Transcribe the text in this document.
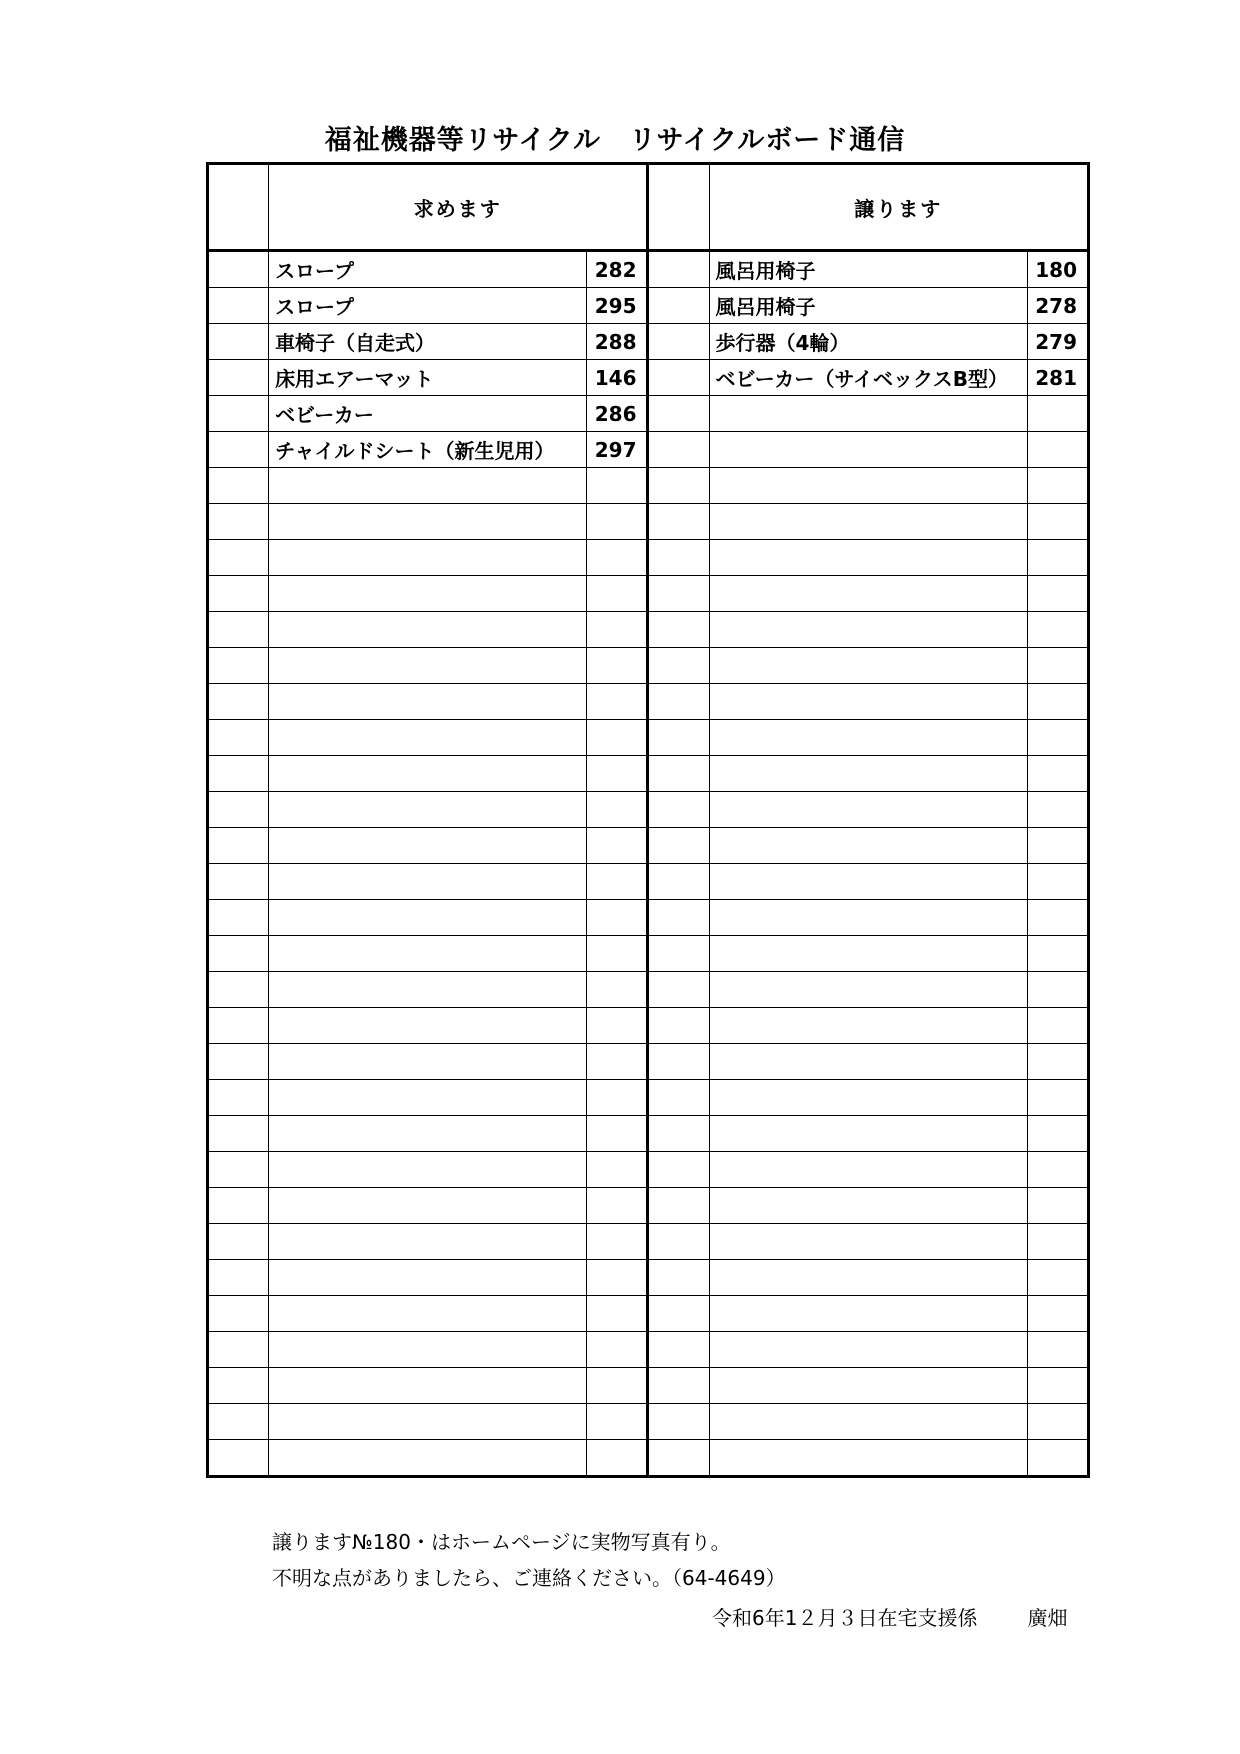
福祉機器等リサイクル　リサイクルボード通信
	求めます			譲ります	
	スロープ	282		風呂用椅子	180
	スロープ	295		風呂用椅子	278
	車椅子（自走式）	288		歩行器（4輪）	279
	床用エアーマット	146		ベビーカー（サイベックスB型）	281
	ベビーカー	286			
	チャイルドシート（新生児用）	297			

譲ります№180・はホームページに実物写真有り。
不明な点がありましたら、ご連絡ください。（64-4649）
令和6年1２月３日在宅支援係	廣畑
